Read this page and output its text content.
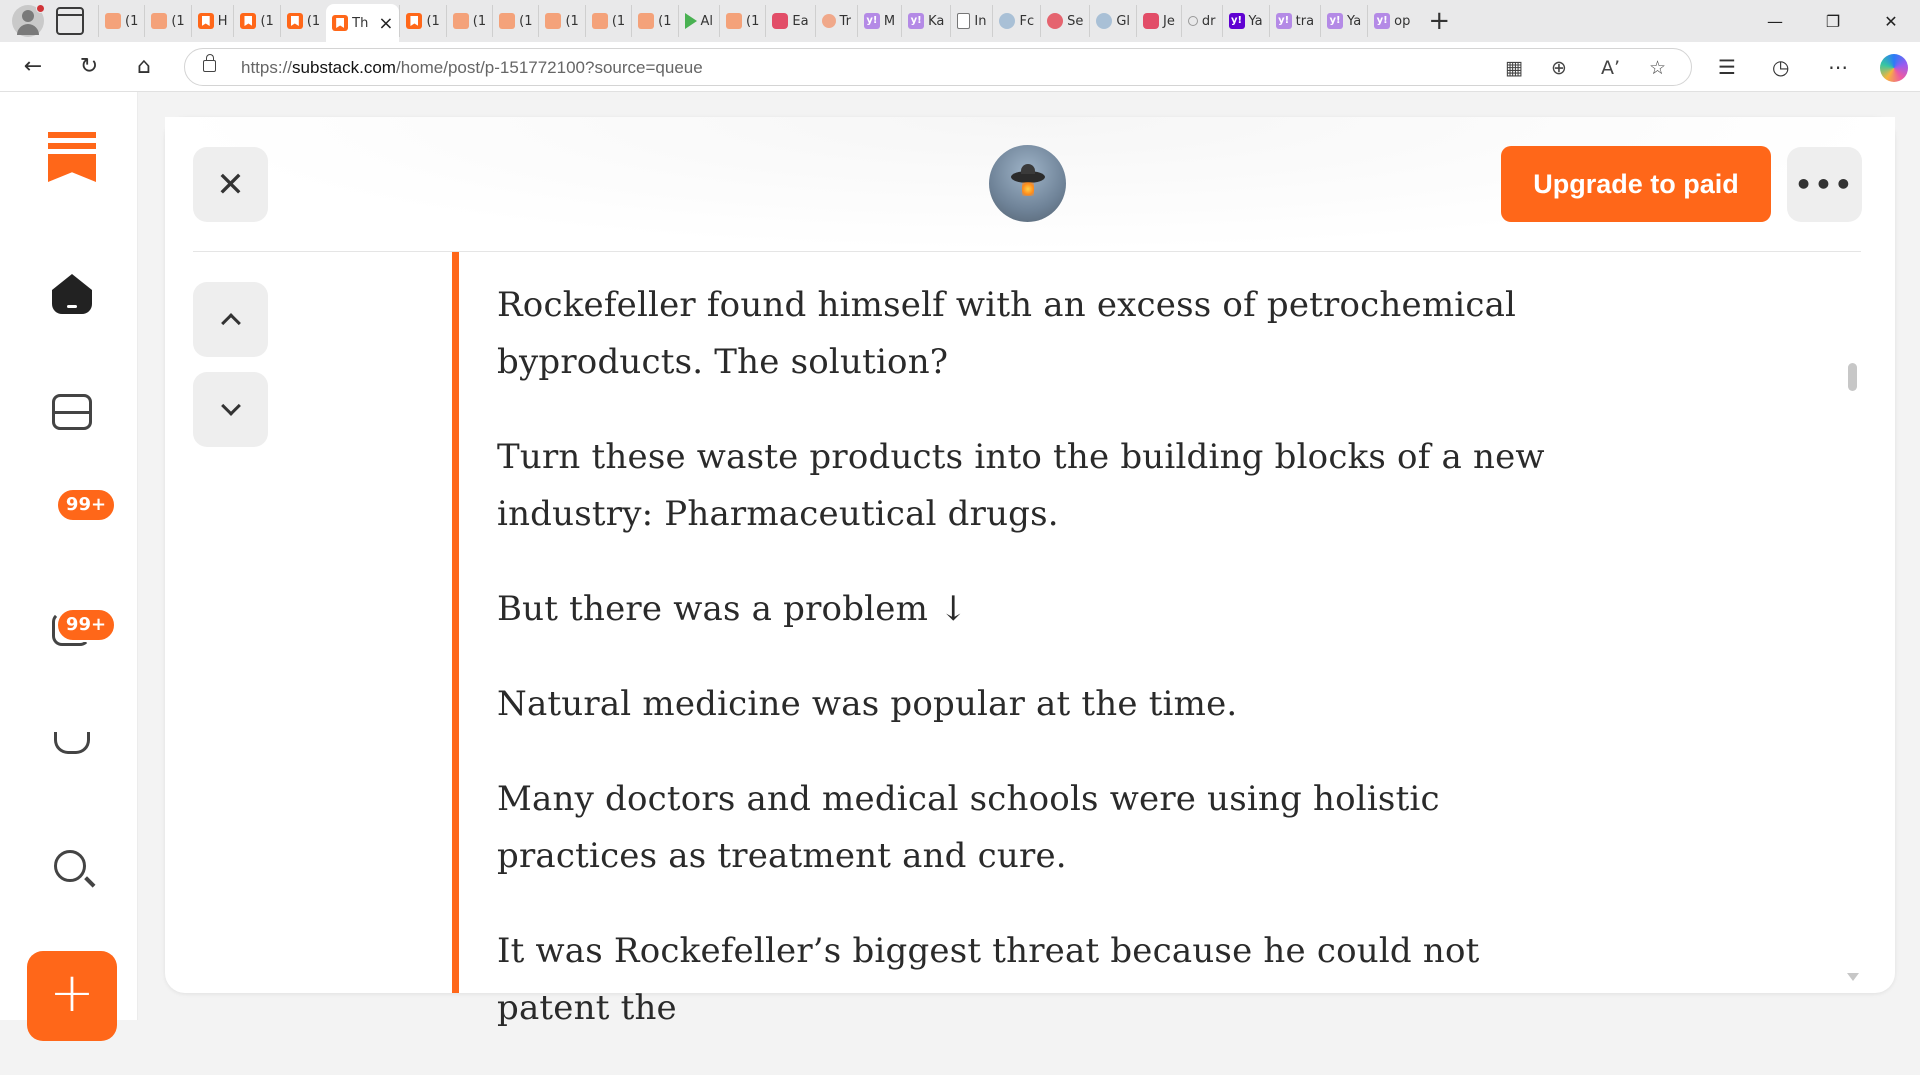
(1	(1	H	(1	(1 Th ×	(1	(1	(1	(1	(1	(1 Al	(1	Ea Tr y! M y! Ka In	Fc	Se	Gl	Je dr y! Ya y! tra y! Ya y! op +	—	❐	✕
← ↻ ⌂	https://substack.com/home/post/p-151772100?source=queue	▦ ⊕ A’ ☆	☰ ◷ ⋯
99+
99+
+
✕	Upgrade to paid	•••

Rockefeller found himself with an excess of petrochemical byproducts. The solution?

Turn these waste products into the building blocks of a new industry: Pharmaceutical drugs.

But there was a problem ↓

Natural medicine was popular at the time.

Many doctors and medical schools were using holistic practices as treatment and cure.

It was Rockefeller’s biggest threat because he could not patent the
